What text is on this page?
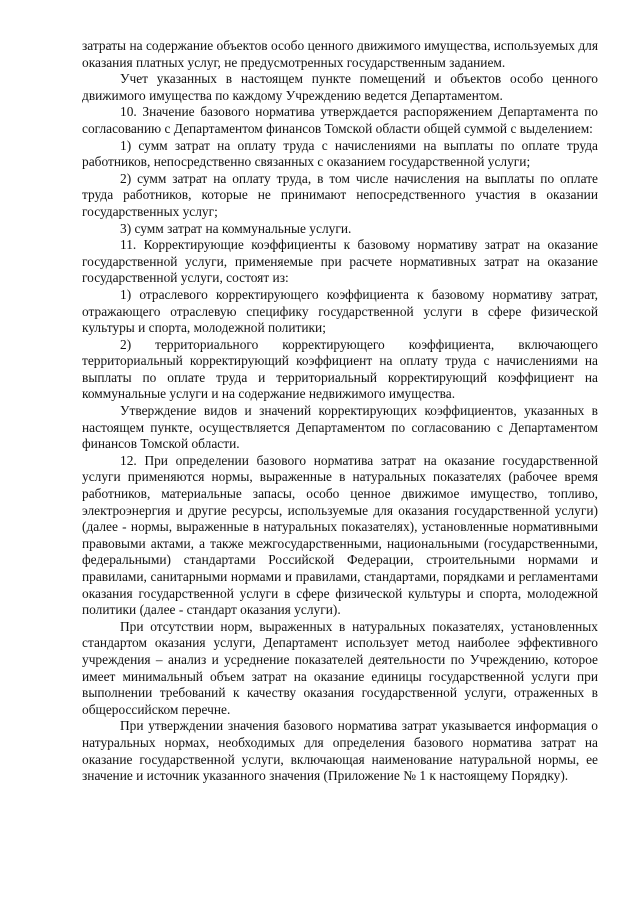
затраты на содержание объектов особо ценного движимого имущества, используемых для оказания платных услуг, не предусмотренных государственным заданием.

Учет указанных в настоящем пункте помещений и объектов особо ценного движимого имущества по каждому Учреждению ведется Департаментом.

10. Значение базового норматива утверждается распоряжением Департамента по согласованию с Департаментом финансов Томской области общей суммой с выделением:

1) сумм затрат на оплату труда с начислениями на выплаты по оплате труда работников, непосредственно связанных с оказанием государственной услуги;

2) сумм затрат на оплату труда, в том числе начисления на выплаты по оплате труда работников, которые не принимают непосредственного участия в оказании государственных услуг;

3) сумм затрат на коммунальные услуги.

11. Корректирующие коэффициенты к базовому нормативу затрат на оказание государственной услуги, применяемые при расчете нормативных затрат на оказание государственной услуги, состоят из:

1) отраслевого корректирующего коэффициента к базовому нормативу затрат, отражающего отраслевую специфику государственной услуги в сфере физической культуры и спорта, молодежной политики;

2) территориального корректирующего коэффициента, включающего территориальный корректирующий коэффициент на оплату труда с начислениями на выплаты по оплате труда и территориальный корректирующий коэффициент на коммунальные услуги и на содержание недвижимого имущества.

Утверждение видов и значений корректирующих коэффициентов, указанных в настоящем пункте, осуществляется Департаментом по согласованию с Департаментом финансов Томской области.

12. При определении базового норматива затрат на оказание государственной услуги применяются нормы, выраженные в натуральных показателях (рабочее время работников, материальные запасы, особо ценное движимое имущество, топливо, электроэнергия и другие ресурсы, используемые для оказания государственной услуги) (далее - нормы, выраженные в натуральных показателях), установленные нормативными правовыми актами, а также межгосударственными, национальными (государственными, федеральными) стандартами Российской Федерации, строительными нормами и правилами, санитарными нормами и правилами, стандартами, порядками и регламентами оказания государственной услуги в сфере физической культуры и спорта, молодежной политики (далее - стандарт оказания услуги).

При отсутствии норм, выраженных в натуральных показателях, установленных стандартом оказания услуги, Департамент использует метод наиболее эффективного учреждения – анализ и усреднение показателей деятельности по Учреждению, которое имеет минимальный объем затрат на оказание единицы государственной услуги при выполнении требований к качеству оказания государственной услуги, отраженных в общероссийском перечне.

При утверждении значения базового норматива затрат указывается информация о натуральных нормах, необходимых для определения базового норматива затрат на оказание государственной услуги, включающая наименование натуральной нормы, ее значение и источник указанного значения (Приложение № 1 к настоящему Порядку).
